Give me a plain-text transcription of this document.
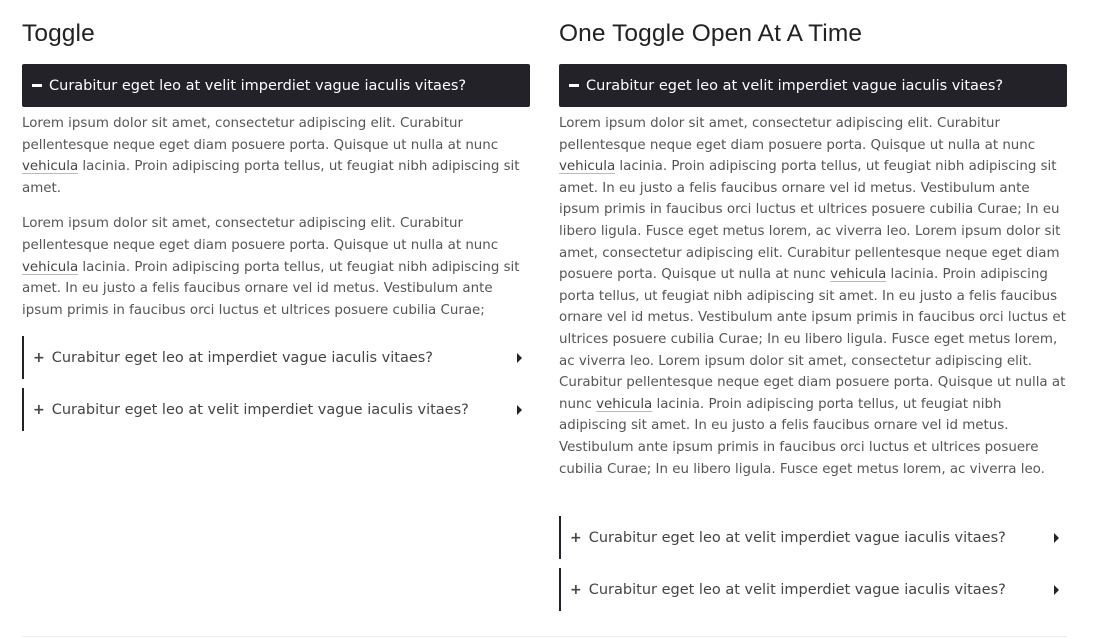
Toggle
Curabitur eget leo at velit imperdiet vague iaculis vitaes?

Lorem ipsum dolor sit amet, consectetur adipiscing elit. Curabitur pellentesque neque eget diam posuere porta. Quisque ut nulla at nunc vehicula lacinia. Proin adipiscing porta tellus, ut feugiat nibh adipiscing sit amet.

Lorem ipsum dolor sit amet, consectetur adipiscing elit. Curabitur pellentesque neque eget diam posuere porta. Quisque ut nulla at nunc vehicula lacinia. Proin adipiscing porta tellus, ut feugiat nibh adipiscing sit amet. In eu justo a felis faucibus ornare vel id metus. Vestibulum ante ipsum primis in faucibus orci luctus et ultrices posuere cubilia Curae;

+ Curabitur eget leo at imperdiet vague iaculis vitaes?
+ Curabitur eget leo at velit imperdiet vague iaculis vitaes?
One Toggle Open At A Time
Curabitur eget leo at velit imperdiet vague iaculis vitaes?

Lorem ipsum dolor sit amet, consectetur adipiscing elit. Curabitur pellentesque neque eget diam posuere porta. Quisque ut nulla at nunc vehicula lacinia. Proin adipiscing porta tellus, ut feugiat nibh adipiscing sit amet. In eu justo a felis faucibus ornare vel id metus. Vestibulum ante ipsum primis in faucibus orci luctus et ultrices posuere cubilia Curae; In eu libero ligula. Fusce eget metus lorem, ac viverra leo. Lorem ipsum dolor sit amet, consectetur adipiscing elit. Curabitur pellentesque neque eget diam posuere porta. Quisque ut nulla at nunc vehicula lacinia. Proin adipiscing porta tellus, ut feugiat nibh adipiscing sit amet. In eu justo a felis faucibus ornare vel id metus. Vestibulum ante ipsum primis in faucibus orci luctus et ultrices posuere cubilia Curae; In eu libero ligula. Fusce eget metus lorem, ac viverra leo. Lorem ipsum dolor sit amet, consectetur adipiscing elit. Curabitur pellentesque neque eget diam posuere porta. Quisque ut nulla at nunc vehicula lacinia. Proin adipiscing porta tellus, ut feugiat nibh adipiscing sit amet. In eu justo a felis faucibus ornare vel id metus. Vestibulum ante ipsum primis in faucibus orci luctus et ultrices posuere cubilia Curae; In eu libero ligula. Fusce eget metus lorem, ac viverra leo.

+ Curabitur eget leo at velit imperdiet vague iaculis vitaes?
+ Curabitur eget leo at velit imperdiet vague iaculis vitaes?
